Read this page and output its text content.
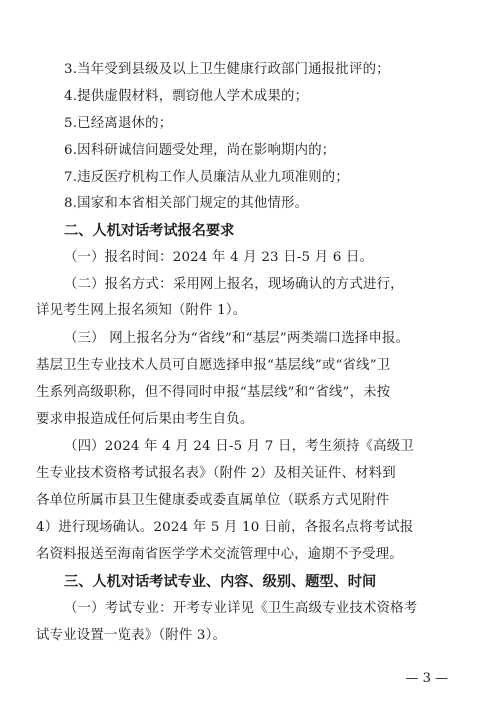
3.当年受到县级及以上卫生健康行政部门通报批评的；
4.提供虚假材料，剽窃他人学术成果的；
5.已经离退休的；
6.因科研诚信问题受处理，尚在影响期内的；
7.违反医疗机构工作人员廉洁从业九项准则的；
8.国家和本省相关部门规定的其他情形。
二、人机对话考试报名要求
（一）报名时间：2024 年 4 月 23 日-5 月 6 日。
（二）报名方式：采用网上报名，现场确认的方式进行，
详见考生网上报名须知（附件 1）。
（三） 网上报名分为“省线”和“基层”两类端口选择申报。
基层卫生专业技术人员可自愿选择申报“基层线”或“省线”卫
生系列高级职称，但不得同时申报“基层线”和“省线”，未按
要求申报造成任何后果由考生自负。
（四）2024 年 4 月 24 日-5 月 7 日，考生须持《高级卫
生专业技术资格考试报名表》（附件 2）及相关证件、材料到
各单位所属市县卫生健康委或委直属单位（联系方式见附件
4）进行现场确认。2024 年 5 月 10 日前，各报名点将考试报
名资料报送至海南省医学学术交流管理中心，逾期不予受理。
三、人机对话考试专业、内容、级别、题型、时间
（一）考试专业：开考专业详见《卫生高级专业技术资格考
试专业设置一览表》（附件 3）。
— 3 —
